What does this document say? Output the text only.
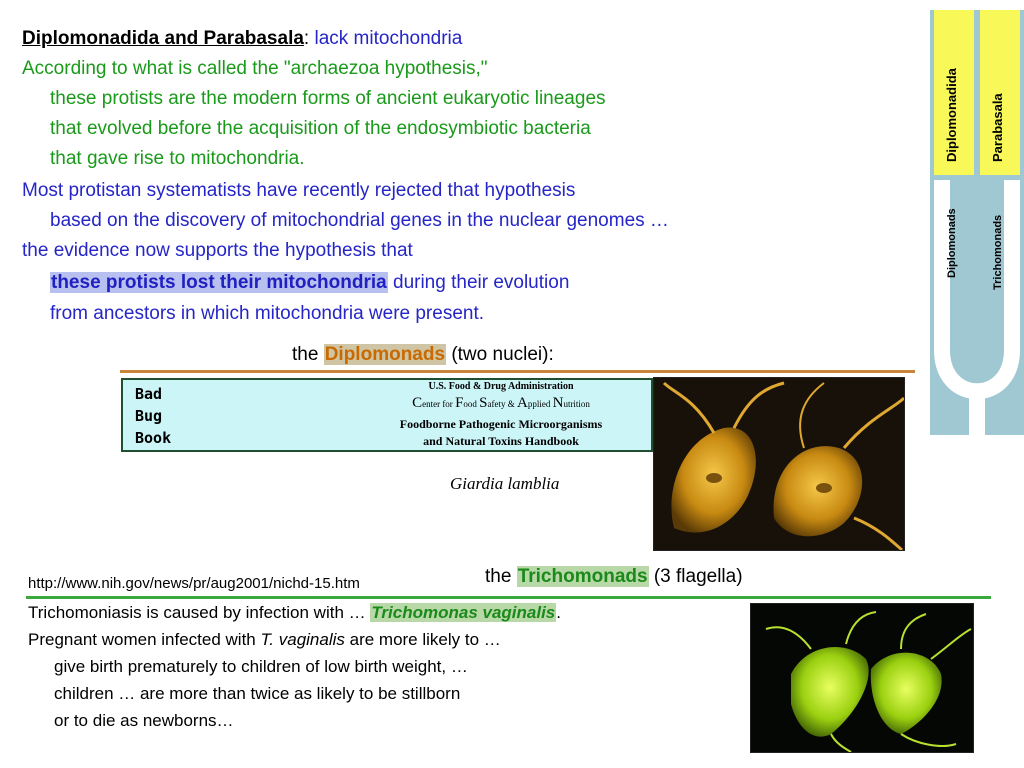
Diplomonadida and Parabasala: lack mitochondria
According to what is called the "archaezoa hypothesis,"
these protists are the modern forms of ancient eukaryotic lineages
that evolved before the acquisition of the endosymbiotic bacteria
that gave rise to mitochondria.
Most protistan systematists have recently rejected that hypothesis
based on the discovery of mitochondrial genes in the nuclear genomes …
the evidence now supports the hypothesis that
these protists lost their mitochondria during their evolution
from ancestors in which mitochondria were present.
the Diplomonads (two nuclei):
Bad
Bug
Book
U.S. Food & Drug Administration
Center for Food Safety & Applied Nutrition
Foodborne Pathogenic Microorganisms
and Natural Toxins Handbook
Giardia lamblia
http://www.nih.gov/news/pr/aug2001/nichd-15.htm	the Trichomonads (3 flagella)
Trichomoniasis is caused by infection with … Trichomonas vaginalis.
Pregnant women infected with T. vaginalis are more likely to …
give birth prematurely to children of low birth weight, …
children … are more than twice as likely to be stillborn
or to die as newborns…
Diplomonadida Parabasala
Diplomonads	Trichomonads
